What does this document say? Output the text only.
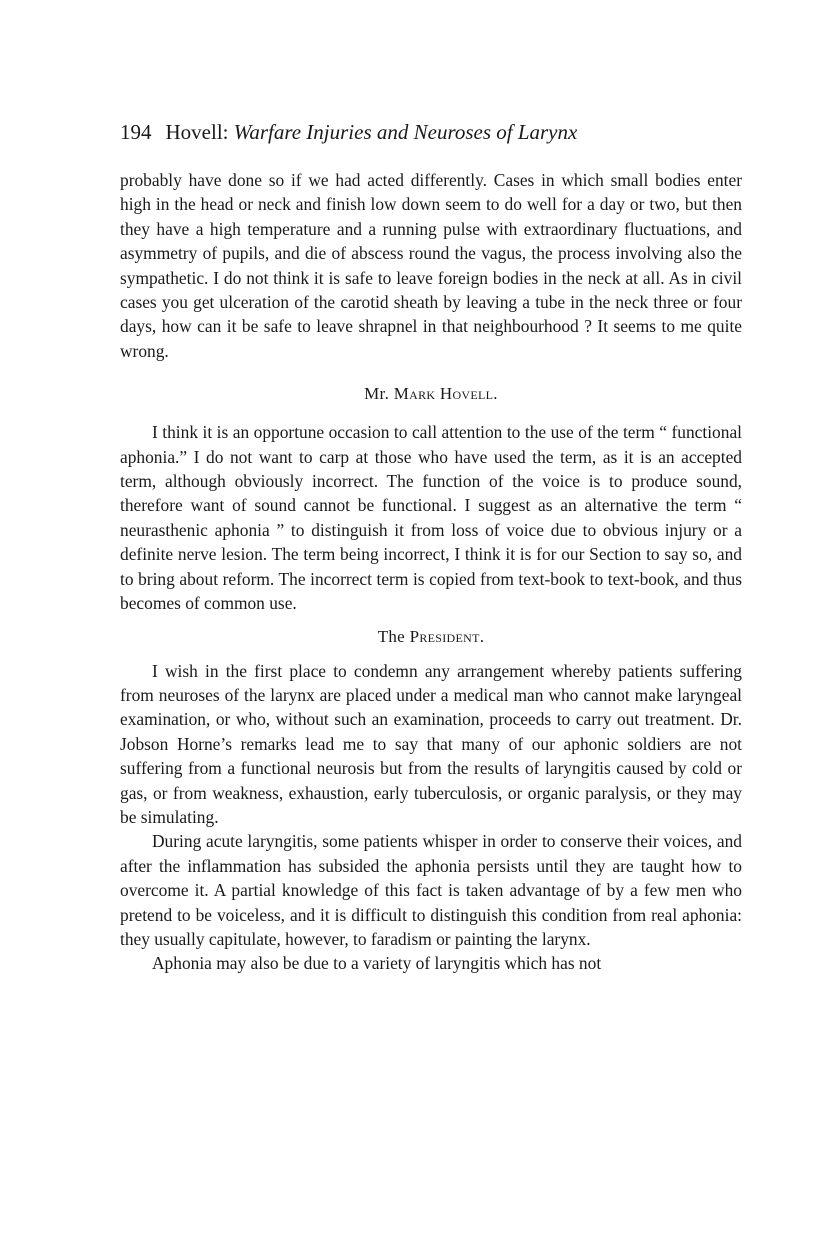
194 Hovell: Warfare Injuries and Neuroses of Larynx

probably have done so if we had acted differently. Cases in which small bodies enter high in the head or neck and finish low down seem to do well for a day or two, but then they have a high temperature and a running pulse with extraordinary fluctuations, and asymmetry of pupils, and die of abscess round the vagus, the process involving also the sympathetic. I do not think it is safe to leave foreign bodies in the neck at all. As in civil cases you get ulceration of the carotid sheath by leaving a tube in the neck three or four days, how can it be safe to leave shrapnel in that neighbourhood ? It seems to me quite wrong.

Mr. Mark Hovell.

I think it is an opportune occasion to call attention to the use of the term “ functional aphonia.” I do not want to carp at those who have used the term, as it is an accepted term, although obviously incorrect. The function of the voice is to produce sound, therefore want of sound cannot be functional. I suggest as an alternative the term “ neurasthenic aphonia ” to distinguish it from loss of voice due to obvious injury or a definite nerve lesion. The term being incorrect, I think it is for our Section to say so, and to bring about reform. The incorrect term is copied from text-book to text-book, and thus becomes of common use.

The President.

I wish in the first place to condemn any arrangement whereby patients suffering from neuroses of the larynx are placed under a medical man who cannot make laryngeal examination, or who, without such an examination, proceeds to carry out treatment. Dr. Jobson Horne’s remarks lead me to say that many of our aphonic soldiers are not suffering from a functional neurosis but from the results of laryngitis caused by cold or gas, or from weakness, exhaustion, early tuberculosis, or organic paralysis, or they may be simulating.

During acute laryngitis, some patients whisper in order to conserve their voices, and after the inflammation has subsided the aphonia persists until they are taught how to overcome it. A partial knowledge of this fact is taken advantage of by a few men who pretend to be voiceless, and it is difficult to distinguish this condition from real aphonia: they usually capitulate, however, to faradism or painting the larynx.

Aphonia may also be due to a variety of laryngitis which has not
